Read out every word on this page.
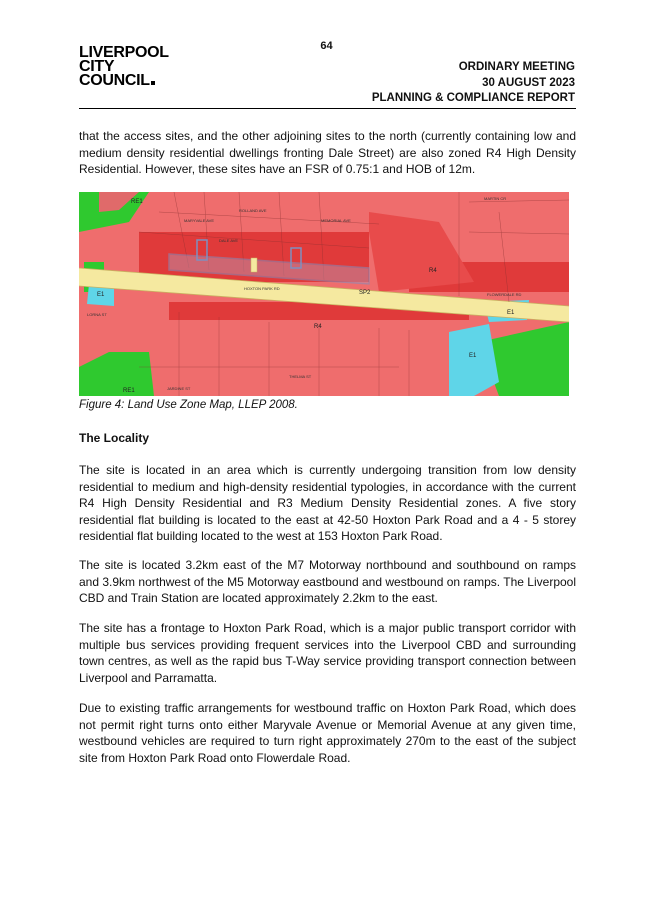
64
LIVERPOOL
CITY
COUNCIL
ORDINARY MEETING
30 AUGUST 2023
PLANNING & COMPLIANCE REPORT

that the access sites, and the other adjoining sites to the north (currently containing low and medium density residential dwellings fronting Dale Street) are also zoned R4 High Density Residential. However, these sites have an FSR of 0.75:1 and HOB of 12m.

R4
R4
E1
E1
E1
RE1
RE1
SP2
HOXTON PARK RD
DALE AVE
ROLLAND AVE
THELMA ST
JARDINE ST
FLOWERDALE RD
MARYVALE AVE	MEMORIAL AVE
MARTIN CR
LORNA ST
Figure 4: Land Use Zone Map, LLEP 2008.
The Locality

The site is located in an area which is currently undergoing transition from low density residential to medium and high-density residential typologies, in accordance with the current R4 High Density Residential and R3 Medium Density Residential zones. A five story residential flat building is located to the east at 42-50 Hoxton Park Road and a 4 - 5 storey residential flat building located to the west at 153 Hoxton Park Road.

The site is located 3.2km east of the M7 Motorway northbound and southbound on ramps and 3.9km northwest of the M5 Motorway eastbound and westbound on ramps. The Liverpool CBD and Train Station are located approximately 2.2km to the east.

The site has a frontage to Hoxton Park Road, which is a major public transport corridor with multiple bus services providing frequent services into the Liverpool CBD and surrounding town centres, as well as the rapid bus T-Way service providing transport connection between Liverpool and Parramatta.

Due to existing traffic arrangements for westbound traffic on Hoxton Park Road, which does not permit right turns onto either Maryvale Avenue or Memorial Avenue at any given time, westbound vehicles are required to turn right approximately 270m to the east of the subject site from Hoxton Park Road onto Flowerdale Road.
